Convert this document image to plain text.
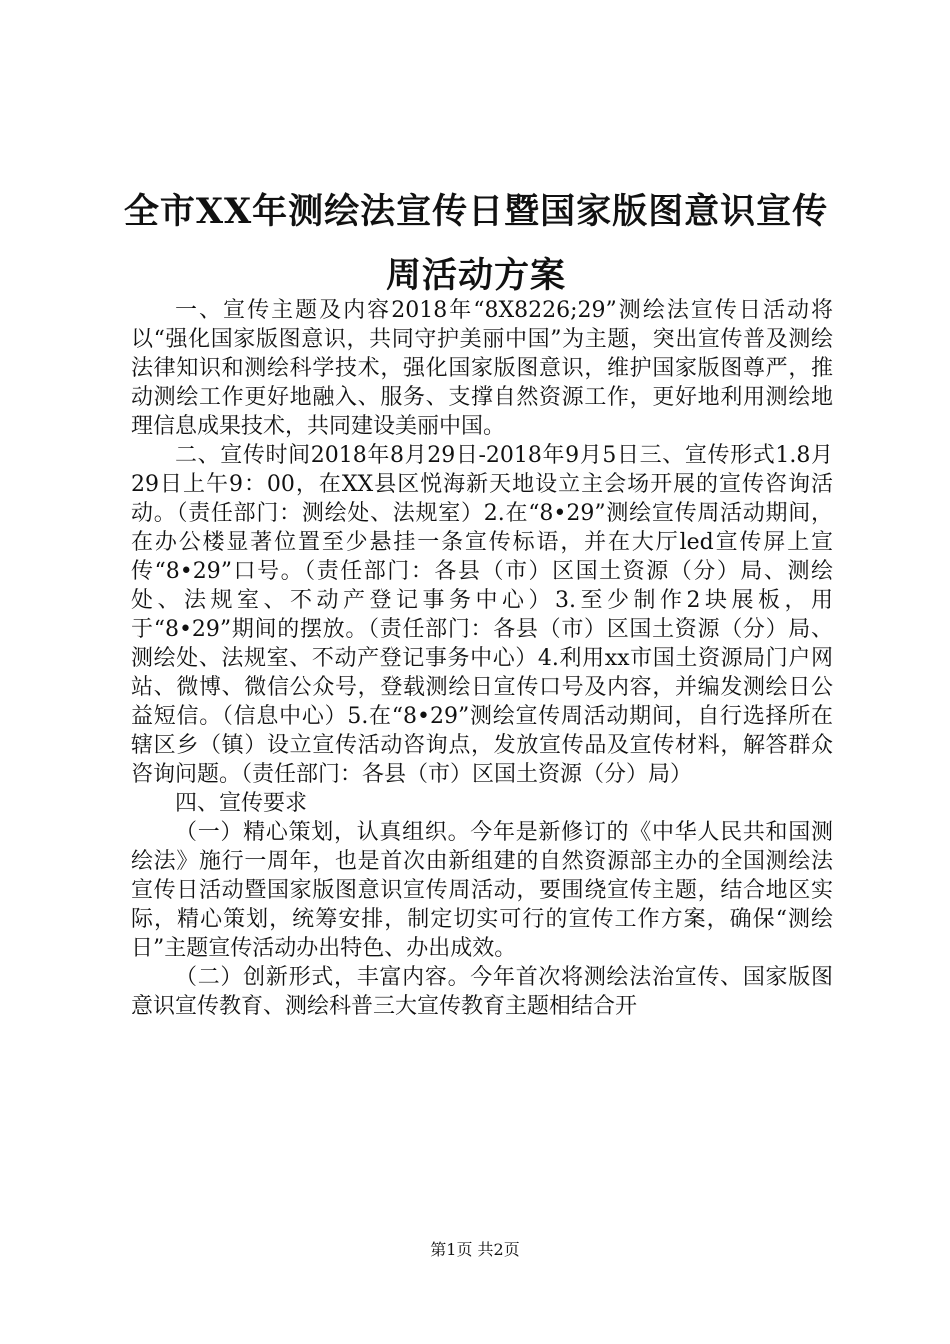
全市XX年测绘法宣传日暨国家版图意识宣传周活动方案

一、宣传主题及内容2018年“8X8226;29”测绘法宣传日活动将以“强化国家版图意识，共同守护美丽中国”为主题，突出宣传普及测绘法律知识和测绘科学技术，强化国家版图意识，维护国家版图尊严，推动测绘工作更好地融入、服务、支撑自然资源工作，更好地利用测绘地理信息成果技术，共同建设美丽中国。

二、宣传时间2018年8月29日-2018年9月5日三、宣传形式1.8月29日上午9：00，在XX县区悦海新天地设立主会场开展的宣传咨询活动。（责任部门：测绘处、法规室）2.在“8•29”测绘宣传周活动期间，在办公楼显著位置至少悬挂一条宣传标语，并在大厅led宣传屏上宣传“8•29”口号。（责任部门：各县（市）区国土资源（分）局、测绘处、法规室、不动产登记事务中心）3.至少制作2块展板，用于“8•29”期间的摆放。（责任部门：各县（市）区国土资源（分）局、测绘处、法规室、不动产登记事务中心）4.利用xx市国土资源局门户网站、微博、微信公众号，登载测绘日宣传口号及内容，并编发测绘日公益短信。（信息中心）5.在“8•29”测绘宣传周活动期间，自行选择所在辖区乡（镇）设立宣传活动咨询点，发放宣传品及宣传材料，解答群众咨询问题。（责任部门：各县（市）区国土资源（分）局）

四、宣传要求

（一）精心策划，认真组织。今年是新修订的《中华人民共和国测绘法》施行一周年，也是首次由新组建的自然资源部主办的全国测绘法宣传日活动暨国家版图意识宣传周活动，要围绕宣传主题，结合地区实际，精心策划，统筹安排，制定切实可行的宣传工作方案，确保“测绘日”主题宣传活动办出特色、办出成效。

（二）创新形式，丰富内容。今年首次将测绘法治宣传、国家版图意识宣传教育、测绘科普三大宣传教育主题相结合开

第1页 共2页
